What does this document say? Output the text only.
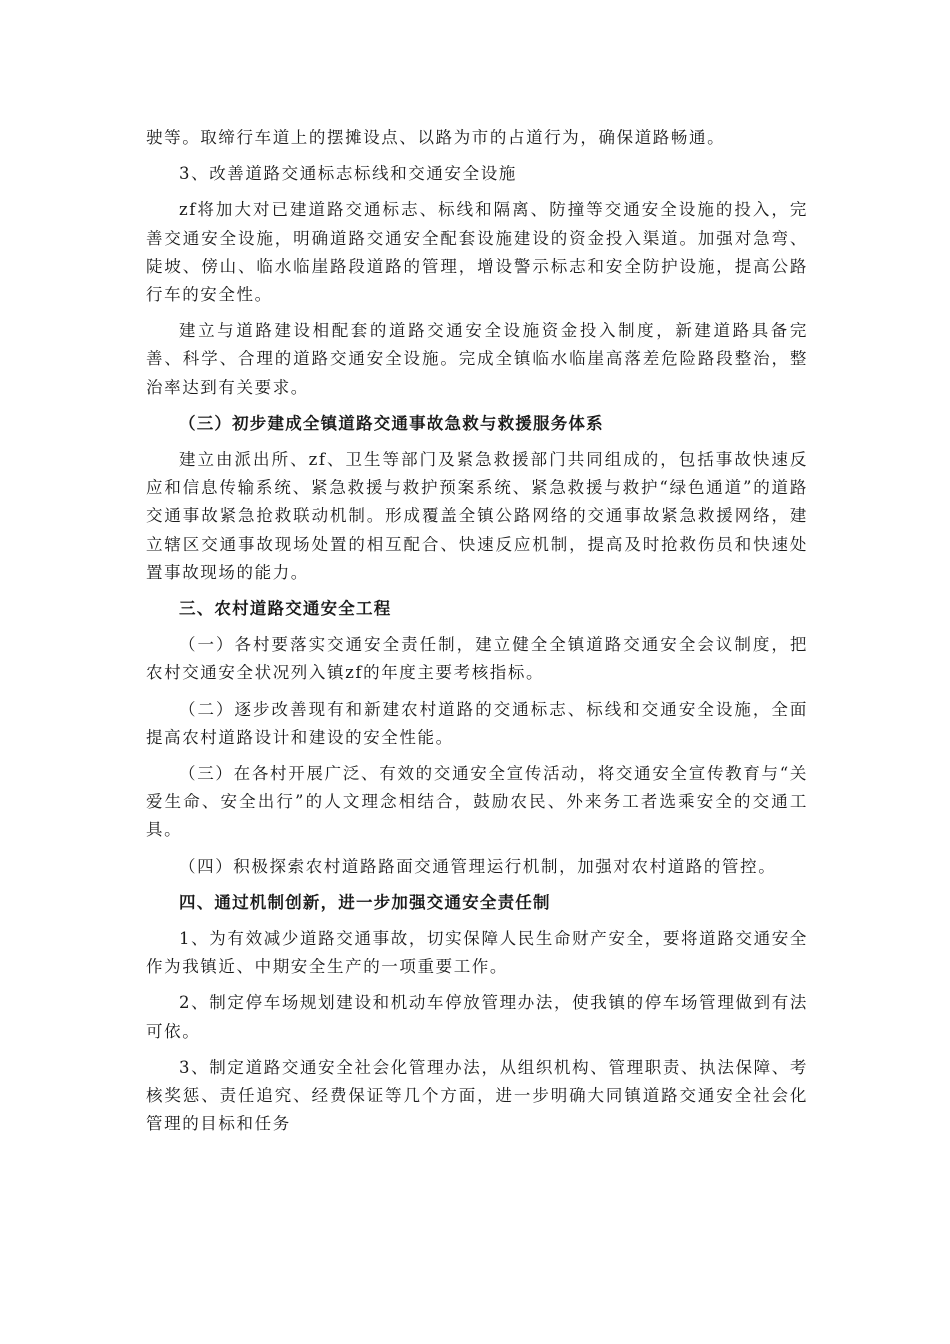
驶等。取缔行车道上的摆摊设点、以路为市的占道行为，确保道路畅通。

3、改善道路交通标志标线和交通安全设施

zf将加大对已建道路交通标志、标线和隔离、防撞等交通安全设施的投入，完善交通安全设施，明确道路交通安全配套设施建设的资金投入渠道。加强对急弯、陡坡、傍山、临水临崖路段道路的管理，增设警示标志和安全防护设施，提高公路行车的安全性。

建立与道路建设相配套的道路交通安全设施资金投入制度，新建道路具备完善、科学、合理的道路交通安全设施。完成全镇临水临崖高落差危险路段整治，整治率达到有关要求。

（三）初步建成全镇道路交通事故急救与救援服务体系

建立由派出所、zf、卫生等部门及紧急救援部门共同组成的，包括事故快速反应和信息传输系统、紧急救援与救护预案系统、紧急救援与救护“绿色通道”的道路交通事故紧急抢救联动机制。形成覆盖全镇公路网络的交通事故紧急救援网络，建立辖区交通事故现场处置的相互配合、快速反应机制，提高及时抢救伤员和快速处置事故现场的能力。

三、农村道路交通安全工程

（一）各村要落实交通安全责任制，建立健全全镇道路交通安全会议制度，把农村交通安全状况列入镇zf的年度主要考核指标。

（二）逐步改善现有和新建农村道路的交通标志、标线和交通安全设施，全面提高农村道路设计和建设的安全性能。

（三）在各村开展广泛、有效的交通安全宣传活动，将交通安全宣传教育与“关爱生命、安全出行”的人文理念相结合，鼓励农民、外来务工者选乘安全的交通工具。

（四）积极探索农村道路路面交通管理运行机制，加强对农村道路的管控。

四、通过机制创新，进一步加强交通安全责任制

1、为有效减少道路交通事故，切实保障人民生命财产安全，要将道路交通安全作为我镇近、中期安全生产的一项重要工作。

2、制定停车场规划建设和机动车停放管理办法，使我镇的停车场管理做到有法可依。

3、制定道路交通安全社会化管理办法，从组织机构、管理职责、执法保障、考核奖惩、责任追究、经费保证等几个方面，进一步明确大同镇道路交通安全社会化管理的目标和任务
